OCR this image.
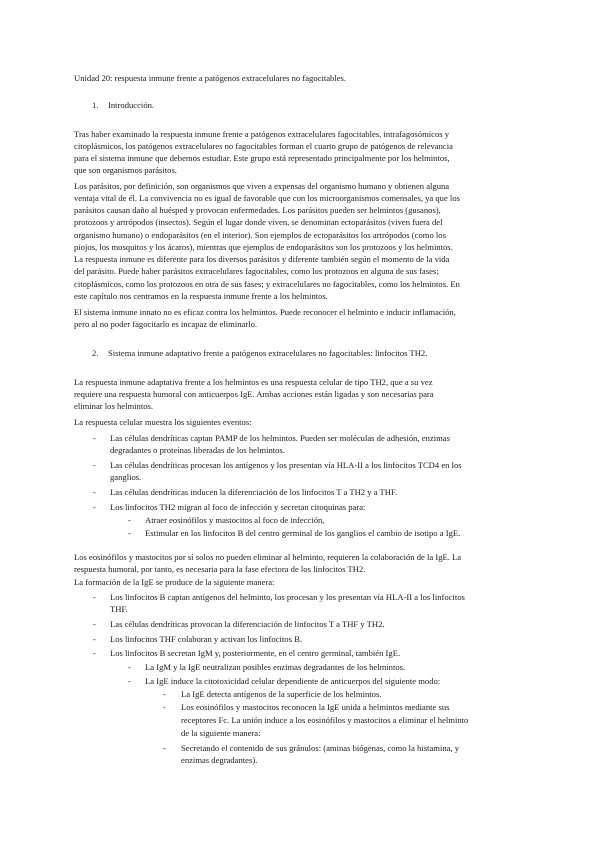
Unidad 20: respuesta inmune frente a patógenos extracelulares no fagocitables.
1. Introducción.
Tras haber examinado la respuesta inmune frente a patógenos extracelulares fagocitables, intrafagosómicos y
citoplásmicos, los patógenos extracelulares no fagocitables forman el cuarto grupo de patógenos de relevancia
para el sistema inmune que debemos estudiar. Este grupo está representado principalmente por los helmintos,
que son organismos parásitos.
Los parásitos, por definición, son organismos que viven a expensas del organismo humano y obtienen alguna
ventaja vital de él. La convivencia no es igual de favorable que con los microorganismos comensales, ya que los
parásitos causan daño al huésped y provocan enfermedades. Los parásitos pueden ser helmintos (gusanos),
protozoos y artrópodos (insectos). Según el lugar donde viven, se denominan ectoparásitos (viven fuera del
organismo humano) o endoparásitos (en el interior). Son ejemplos de ectoparásitos los artrópodos (como los
piojos, los mosquitos y los ácaros), mientras que ejemplos de endoparásitos son los protozoos y los helmintos.
La respuesta inmune es diferente para los diversos parásitos y diferente también según el momento de la vida
del parásito. Puede haber parásitos extracelulares fagocitables, como los protozoos en alguna de sus fases;
citoplásmicos, como los protozoos en otra de sus fases; y extracelulares no fagocitables, como los helmintos. En
este capítulo nos centramos en la respuesta inmune frente a los helmintos.
El sistema inmune innato no es eficaz contra los helmintos. Puede reconocer el helminto e inducir inflamación,
pero al no poder fagocitarlo es incapaz de eliminarlo.
2. Sistema inmune adaptativo frente a patógenos extracelulares no fagocitables: linfocitos TH2.
La respuesta inmune adaptativa frente a los helmintos es una respuesta celular de tipo TH2, que a su vez
requiere una respuesta humoral con anticuerpos IgE. Ambas acciones están ligadas y son necesarias para
eliminar los helmintos.
La respuesta celular muestra los siguientes eventos:
- Las células dendríticas captan PAMP de los helmintos. Pueden ser moléculas de adhesión, enzimas
degradantes o proteínas liberadas de los helmintos.
- Las células dendríticas procesan los antígenos y los presentan vía HLA-II a los linfocitos TCD4 en los
ganglios.
- Las células dendríticas inducen la diferenciación de los linfocitos T a TH2 y a THF.
- Los linfocitos TH2 migran al foco de infección y secretan citoquinas para:
- Atraer eosinófilos y mastocitos al foco de infección,
- Estimular en los linfocitos B del centro germinal de los ganglios el cambio de isotipo a IgE.
Los eosinófilos y mastocitos por sí solos no pueden eliminar al helminto, requieren la colaboración de la IgE. La
respuesta humoral, por tanto, es necesaria para la fase efectora de los linfocitos TH2.
La formación de la IgE se produce de la siguiente manera:
- Los linfocitos B captan antígenos del helminto, los procesan y los presentan vía HLA-II a los linfocitos
THF.
- Las células dendríticas provocan la diferenciación de linfocitos T a THF y TH2.
- Los linfocitos THF colaboran y activan los linfocitos B.
- Los linfocitos B secretan IgM y, posteriormente, en el centro germinal, también IgE.
- La IgM y la IgE neutralizan posibles enzimas degradantes de los helmintos.
- La IgE induce la citotoxicidad celular dependiente de anticuerpos del siguiente modo:
- La IgE detecta antígenos de la superficie de los helmintos.
- Los eosinófilos y mastocitos reconocen la IgE unida a helmintos mediante sus
receptores Fc. La unión induce a los eosinófilos y mastocitos a eliminar el helminto
de la siguiente manera:
- Secretando el contenido de sus gránulos: (aminas biógenas, como la histamina, y
enzimas degradantes).
